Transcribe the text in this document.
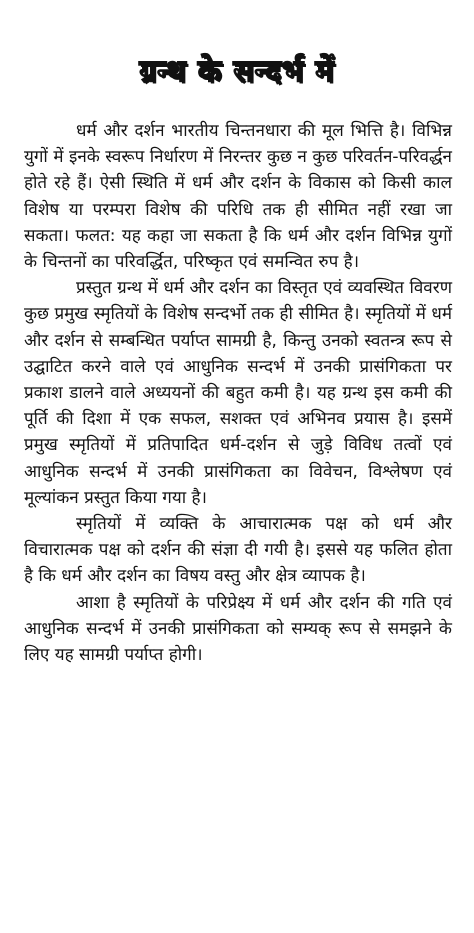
ग्रन्थ के सन्दर्भ में

धर्म और दर्शन भारतीय चिन्तनधारा की मूल भित्ति है। विभिन्न युगों में इनके स्वरूप निर्धारण में निरन्तर कुछ न कुछ परिवर्तन-परिवर्द्धन होते रहे हैं। ऐसी स्थिति में धर्म और दर्शन के विकास को किसी काल विशेष या परम्परा विशेष की परिधि तक ही सीमित नहीं रखा जा सकता। फलत: यह कहा जा सकता है कि धर्म और दर्शन विभिन्न युगों के चिन्तनों का परिवर्द्धित, परिष्कृत एवं समन्वित रुप है।

प्रस्तुत ग्रन्थ में धर्म और दर्शन का विस्तृत एवं व्यवस्थित विवरण कुछ प्रमुख स्मृतियों के विशेष सन्दर्भो तक ही सीमित है। स्मृतियों में धर्म और दर्शन से सम्बन्धित पर्याप्त सामग्री है, किन्तु उनको स्वतन्त्र रूप से उद्घाटित करने वाले एवं आधुनिक सन्दर्भ में उनकी प्रासंगिकता पर प्रकाश डालने वाले अध्ययनों की बहुत कमी है। यह ग्रन्थ इस कमी की पूर्ति की दिशा में एक सफल, सशक्त एवं अभिनव प्रयास है। इसमें प्रमुख स्मृतियों में प्रतिपादित धर्म-दर्शन से जुड़े विविध तत्वों एवं आधुनिक सन्दर्भ में उनकी प्रासंगिकता का विवेचन, विश्लेषण एवं मूल्यांकन प्रस्तुत किया गया है।

स्मृतियों में व्यक्ति के आचारात्मक पक्ष को धर्म और विचारात्मक पक्ष को दर्शन की संज्ञा दी गयी है। इससे यह फलित होता है कि धर्म और दर्शन का विषय वस्तु और क्षेत्र व्यापक है।

आशा है स्मृतियों के परिप्रेक्ष्य में धर्म और दर्शन की गति एवं आधुनिक सन्दर्भ में उनकी प्रासंगिकता को सम्यक् रूप से समझने के लिए यह सामग्री पर्याप्त होगी।
